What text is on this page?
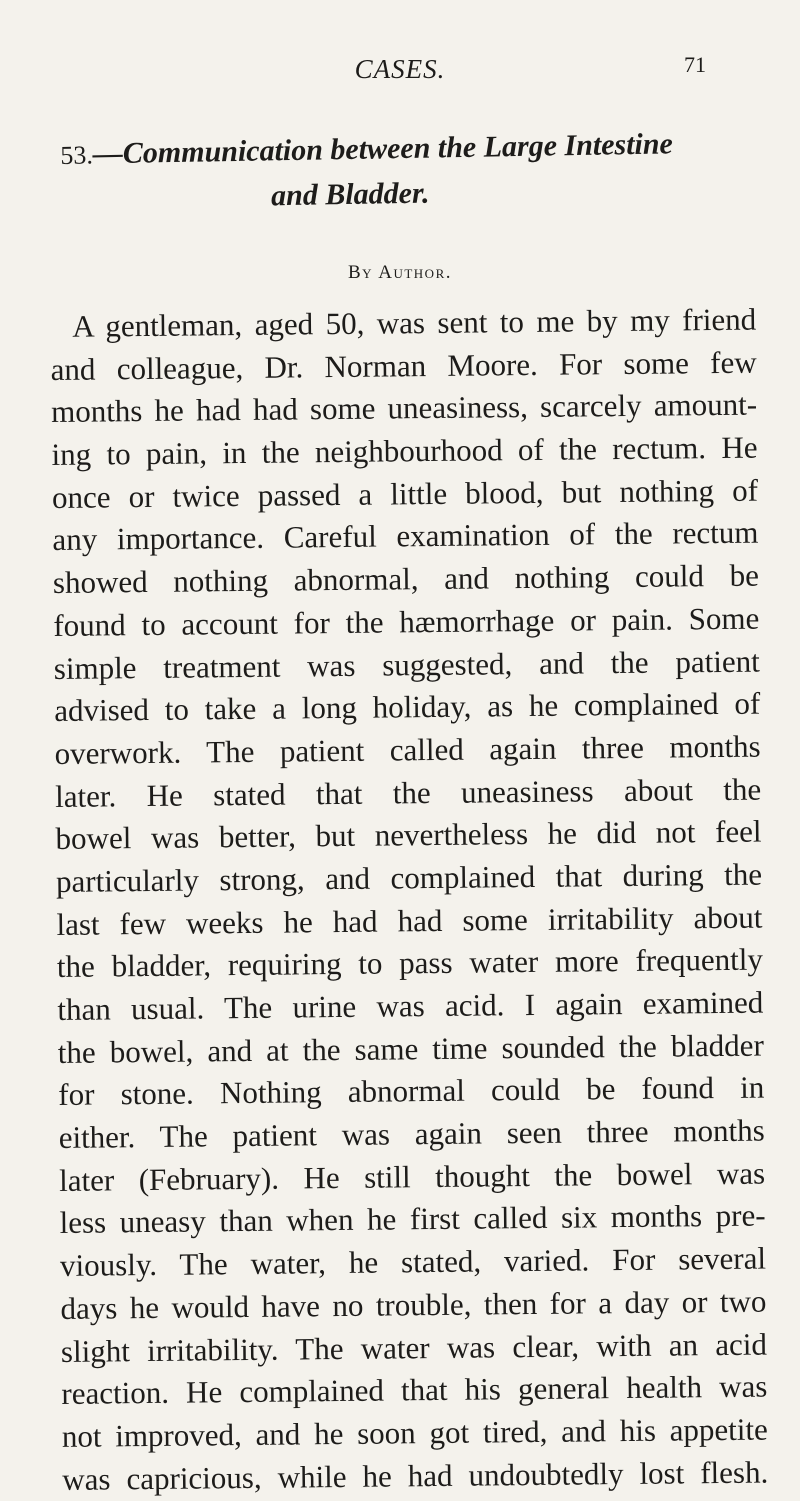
CASES.	71
53.—Communication between the Large Intestine
and Bladder.
By Author.
A gentleman, aged 50, was sent to me by my friend
and colleague, Dr. Norman Moore. For some few
months he had had some uneasiness, scarcely amount-
ing to pain, in the neighbourhood of the rectum. He
once or twice passed a little blood, but nothing of
any importance. Careful examination of the rectum
showed nothing abnormal, and nothing could be
found to account for the hæmorrhage or pain. Some
simple treatment was suggested, and the patient
advised to take a long holiday, as he complained of
overwork. The patient called again three months
later. He stated that the uneasiness about the
bowel was better, but nevertheless he did not feel
particularly strong, and complained that during the
last few weeks he had had some irritability about
the bladder, requiring to pass water more frequently
than usual. The urine was acid. I again examined
the bowel, and at the same time sounded the bladder
for stone. Nothing abnormal could be found in
either. The patient was again seen three months
later (February). He still thought the bowel was
less uneasy than when he first called six months pre-
viously. The water, he stated, varied. For several
days he would have no trouble, then for a day or two
slight irritability. The water was clear, with an acid
reaction. He complained that his general health was
not improved, and he soon got tired, and his appetite
was capricious, while he had undoubtedly lost flesh.
